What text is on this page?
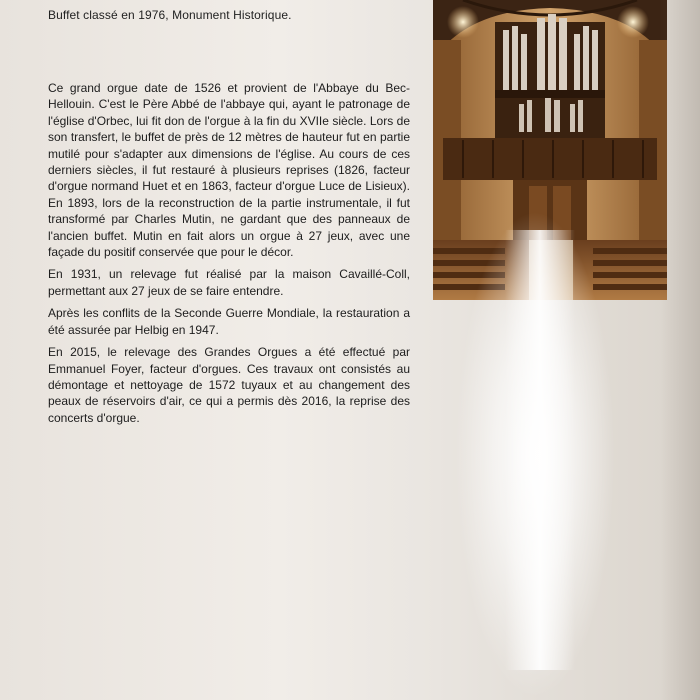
Buffet classé en 1976, Monument Historique.

Ce grand orgue date de 1526 et provient de l'Abbaye du Bec-Hellouin. C'est le Père Abbé de l'abbaye qui, ayant le patronage de l'église d'Orbec, lui fit don de l'orgue à la fin du XVIIe siècle. Lors de son transfert, le buffet de près de 12 mètres de hauteur fut en partie mutilé pour s'adapter aux dimensions de l'église. Au cours de ces derniers siècles, il fut restauré à plusieurs reprises (1826, facteur d'orgue normand Huet et en 1863, facteur d'orgue Luce de Lisieux). En 1893, lors de la reconstruction de la partie instrumentale, il fut transformé par Charles Mutin, ne gardant que des panneaux de l'ancien buffet. Mutin en fait alors un orgue à 27 jeux, avec une façade du positif conservée que pour le décor.

En 1931, un relevage fut réalisé par la maison Cavaillé-Coll, permettant aux 27 jeux de se faire entendre.

Après les conflits de la Seconde Guerre Mondiale, la restauration a été assurée par Helbig en 1947.

En 2015, le relevage des Grandes Orgues a été effectué par Emmanuel Foyer, facteur d'orgues. Ces travaux ont consistés au démontage et nettoyage de 1572 tuyaux et au changement des peaux de réservoirs d'air, ce qui a permis dès 2016, la reprise des concerts d'orgue.
